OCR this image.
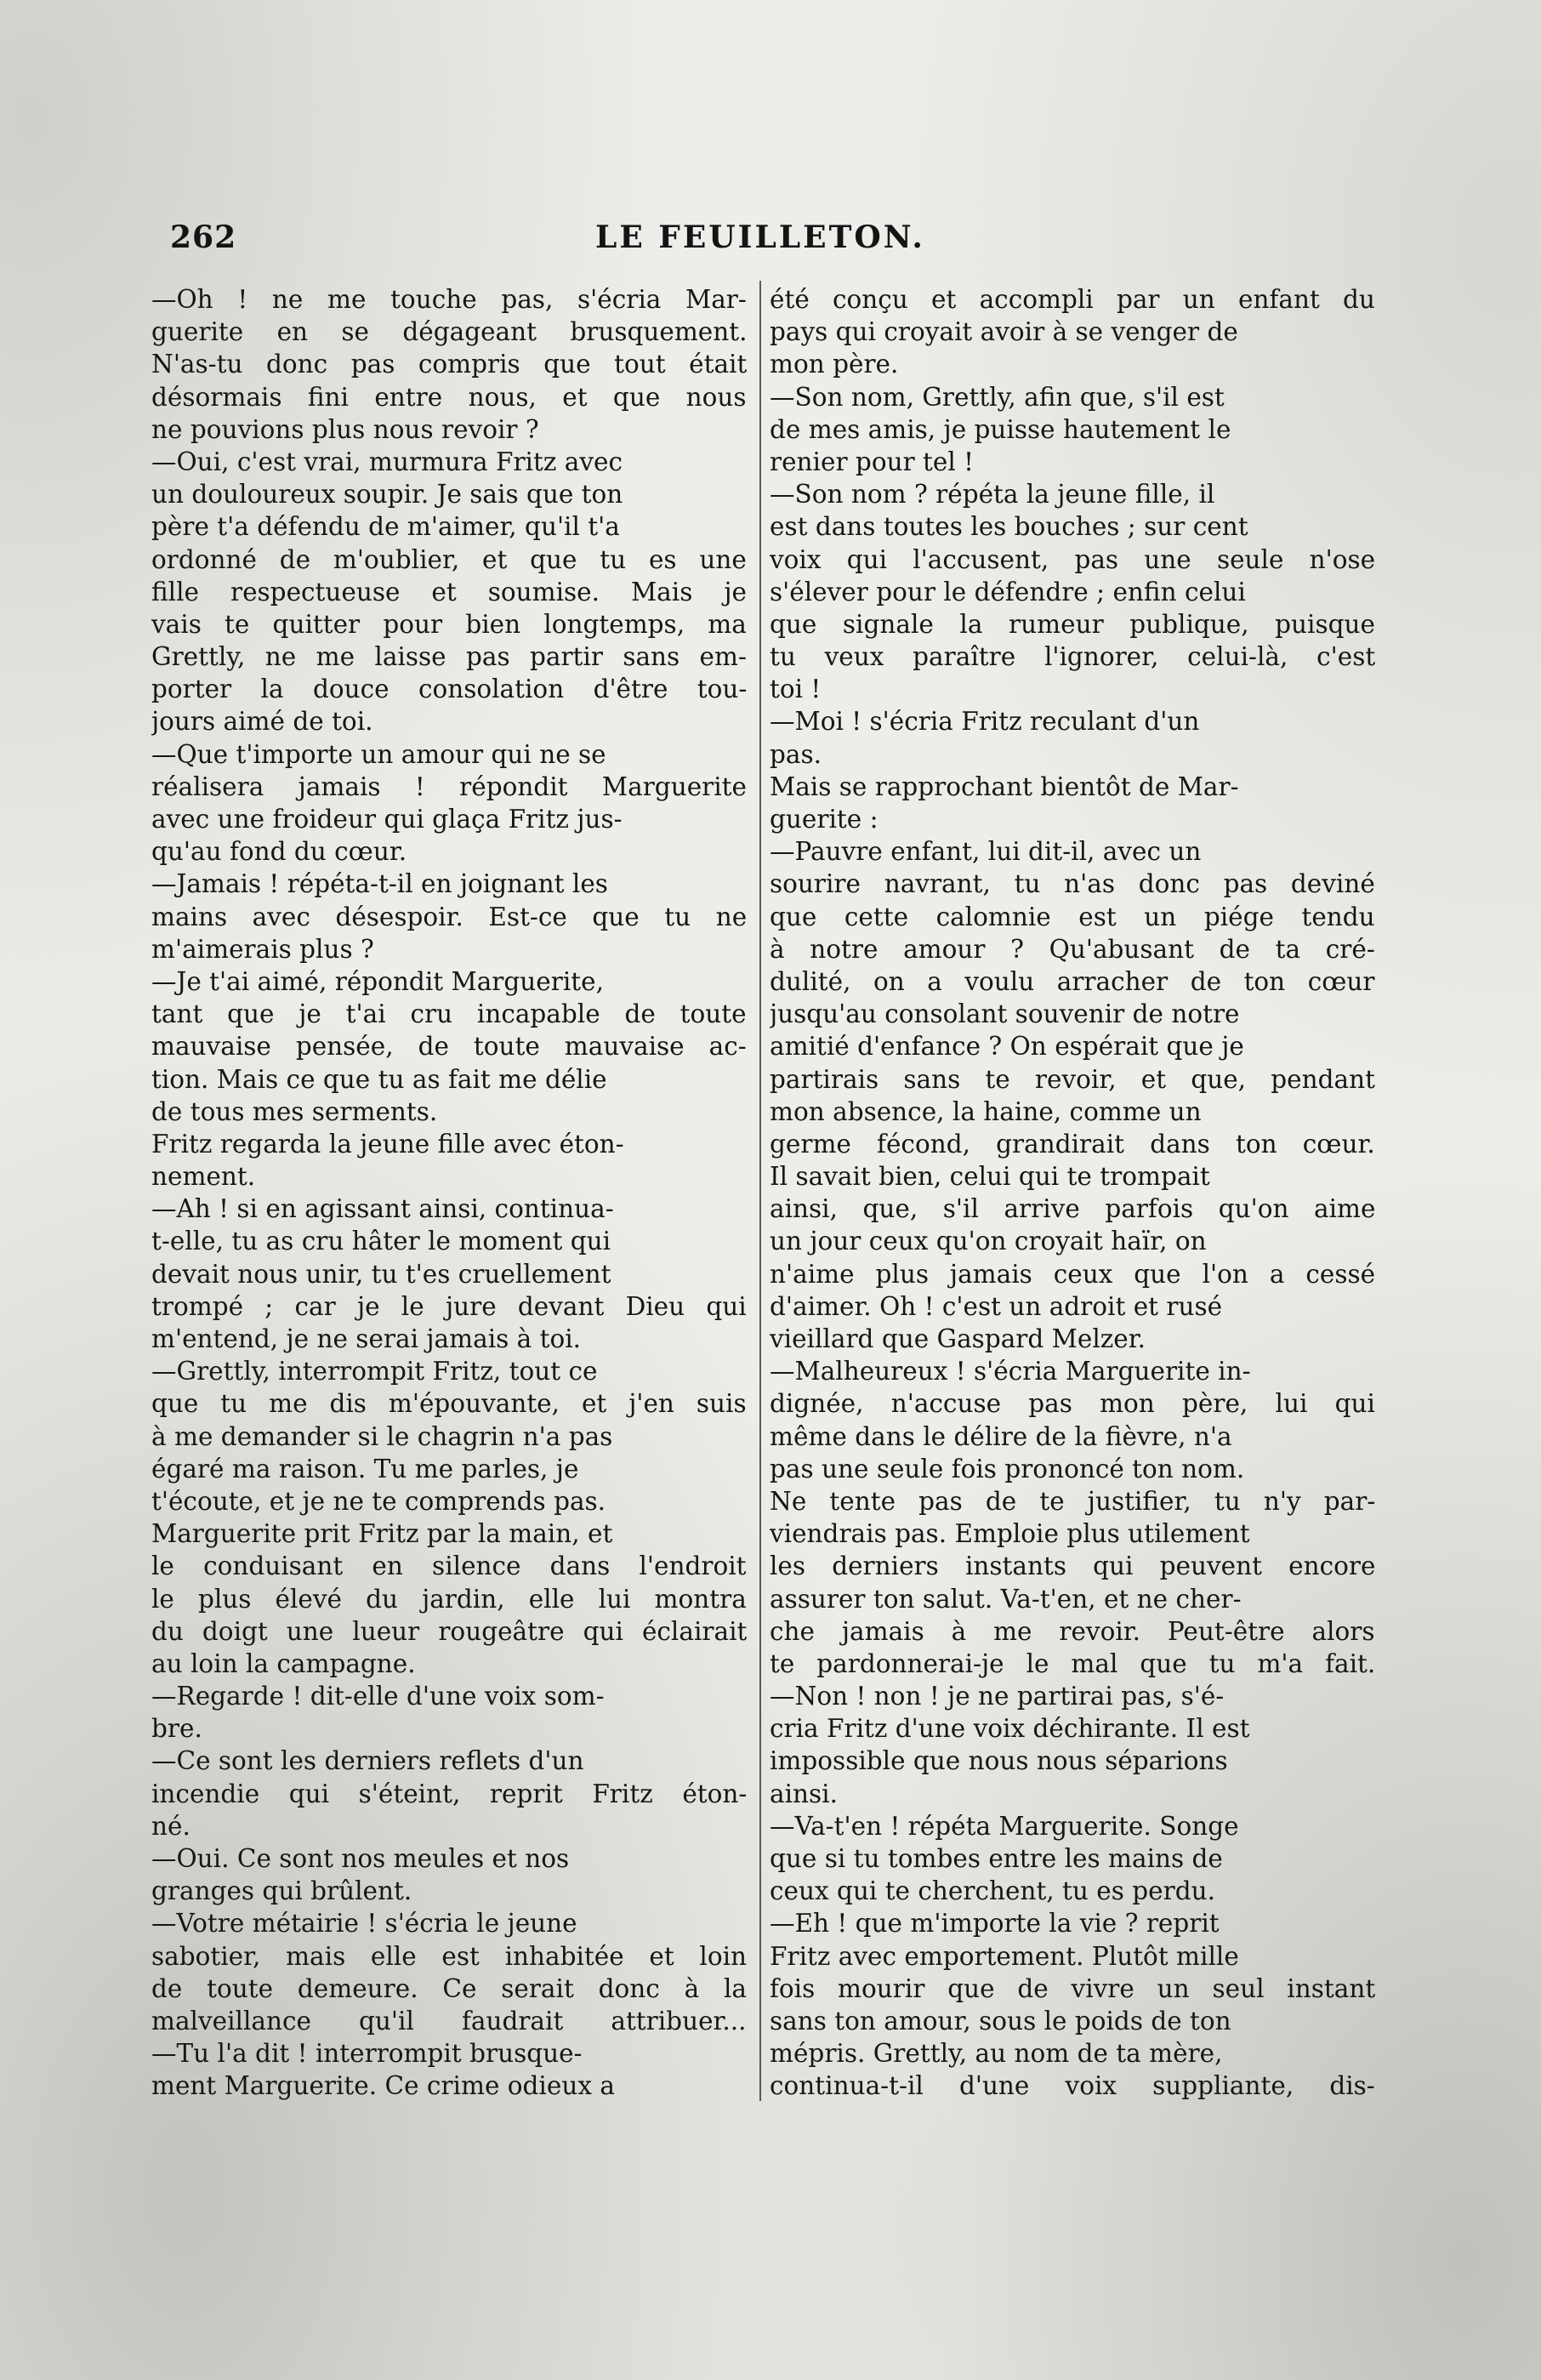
262	LE FEUILLETON.
—Oh ! ne me touche pas, s'écria Mar-
guerite en se dégageant brusquement.
N'as-tu donc pas compris que tout était
désormais fini entre nous, et que nous
ne pouvions plus nous revoir ?
—Oui, c'est vrai, murmura Fritz avec
un douloureux soupir. Je sais que ton
père t'a défendu de m'aimer, qu'il t'a
ordonné de m'oublier, et que tu es une
fille respectueuse et soumise. Mais je
vais te quitter pour bien longtemps, ma
Grettly, ne me laisse pas partir sans em-
porter la douce consolation d'être tou-
jours aimé de toi.
—Que t'importe un amour qui ne se
réalisera jamais ! répondit Marguerite
avec une froideur qui glaça Fritz jus-
qu'au fond du cœur.
—Jamais ! répéta-t-il en joignant les
mains avec désespoir. Est-ce que tu ne
m'aimerais plus ?
—Je t'ai aimé, répondit Marguerite,
tant que je t'ai cru incapable de toute
mauvaise pensée, de toute mauvaise ac-
tion. Mais ce que tu as fait me délie
de tous mes serments.
Fritz regarda la jeune fille avec éton-
nement.
—Ah ! si en agissant ainsi, continua-
t-elle, tu as cru hâter le moment qui
devait nous unir, tu t'es cruellement
trompé ; car je le jure devant Dieu qui
m'entend, je ne serai jamais à toi.
—Grettly, interrompit Fritz, tout ce
que tu me dis m'épouvante, et j'en suis
à me demander si le chagrin n'a pas
égaré ma raison. Tu me parles, je
t'écoute, et je ne te comprends pas.
Marguerite prit Fritz par la main, et
le conduisant en silence dans l'endroit
le plus élevé du jardin, elle lui montra
du doigt une lueur rougeâtre qui éclairait
au loin la campagne.
—Regarde ! dit-elle d'une voix som-
bre.
—Ce sont les derniers reflets d'un
incendie qui s'éteint, reprit Fritz éton-
né.
—Oui. Ce sont nos meules et nos
granges qui brûlent.
—Votre métairie ! s'écria le jeune
sabotier, mais elle est inhabitée et loin
de toute demeure. Ce serait donc à la
malveillance qu'il faudrait attribuer...
—Tu l'a dit ! interrompit brusque-
ment Marguerite. Ce crime odieux a
été conçu et accompli par un enfant du
pays qui croyait avoir à se venger de
mon père.
—Son nom, Grettly, afin que, s'il est
de mes amis, je puisse hautement le
renier pour tel !
—Son nom ? répéta la jeune fille, il
est dans toutes les bouches ; sur cent
voix qui l'accusent, pas une seule n'ose
s'élever pour le défendre ; enfin celui
que signale la rumeur publique, puisque
tu veux paraître l'ignorer, celui-là, c'est
toi !
—Moi ! s'écria Fritz reculant d'un
pas.
Mais se rapprochant bientôt de Mar-
guerite :
—Pauvre enfant, lui dit-il, avec un
sourire navrant, tu n'as donc pas deviné
que cette calomnie est un piége tendu
à notre amour ? Qu'abusant de ta cré-
dulité, on a voulu arracher de ton cœur
jusqu'au consolant souvenir de notre
amitié d'enfance ? On espérait que je
partirais sans te revoir, et que, pendant
mon absence, la haine, comme un
germe fécond, grandirait dans ton cœur.
Il savait bien, celui qui te trompait
ainsi, que, s'il arrive parfois qu'on aime
un jour ceux qu'on croyait haïr, on
n'aime plus jamais ceux que l'on a cessé
d'aimer. Oh ! c'est un adroit et rusé
vieillard que Gaspard Melzer.
—Malheureux ! s'écria Marguerite in-
dignée, n'accuse pas mon père, lui qui
même dans le délire de la fièvre, n'a
pas une seule fois prononcé ton nom.
Ne tente pas de te justifier, tu n'y par-
viendrais pas. Emploie plus utilement
les derniers instants qui peuvent encore
assurer ton salut. Va-t'en, et ne cher-
che jamais à me revoir. Peut-être alors
te pardonnerai-je le mal que tu m'a fait.
—Non ! non ! je ne partirai pas, s'é-
cria Fritz d'une voix déchirante. Il est
impossible que nous nous séparions
ainsi.
—Va-t'en ! répéta Marguerite. Songe
que si tu tombes entre les mains de
ceux qui te cherchent, tu es perdu.
—Eh ! que m'importe la vie ? reprit
Fritz avec emportement. Plutôt mille
fois mourir que de vivre un seul instant
sans ton amour, sous le poids de ton
mépris. Grettly, au nom de ta mère,
continua-t-il d'une voix suppliante, dis-
